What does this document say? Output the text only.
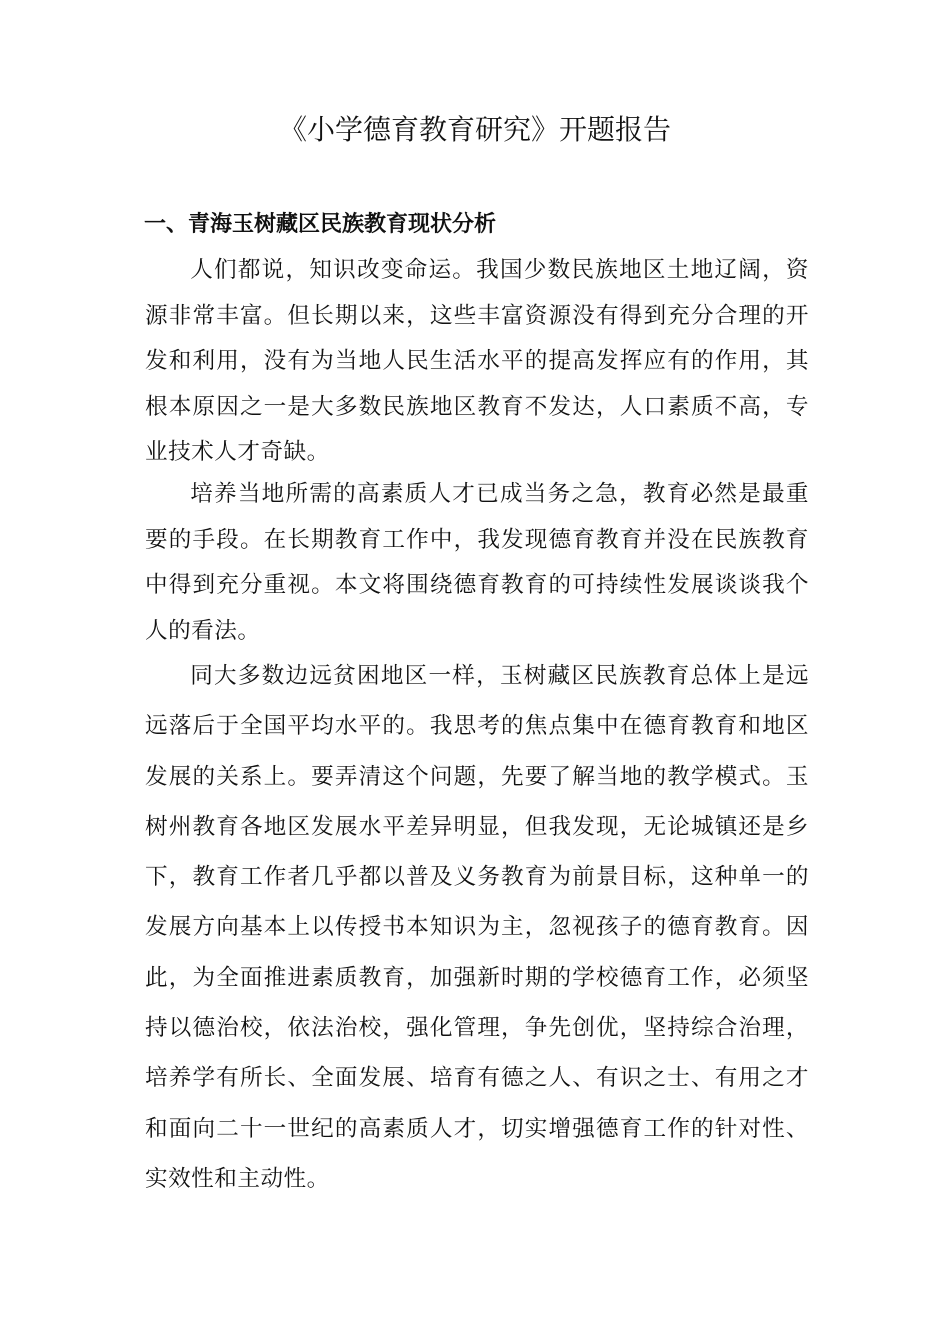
《小学德育教育研究》开题报告
一、青海玉树藏区民族教育现状分析

人们都说，知识改变命运。我国少数民族地区土地辽阔，资源非常丰富。但长期以来，这些丰富资源没有得到充分合理的开发和利用，没有为当地人民生活水平的提高发挥应有的作用，其根本原因之一是大多数民族地区教育不发达，人口素质不高，专业技术人才奇缺。

培养当地所需的高素质人才已成当务之急，教育必然是最重要的手段。在长期教育工作中，我发现德育教育并没在民族教育中得到充分重视。本文将围绕德育教育的可持续性发展谈谈我个人的看法。

同大多数边远贫困地区一样，玉树藏区民族教育总体上是远远落后于全国平均水平的。我思考的焦点集中在德育教育和地区发展的关系上。要弄清这个问题，先要了解当地的教学模式。玉树州教育各地区发展水平差异明显，但我发现，无论城镇还是乡下，教育工作者几乎都以普及义务教育为前景目标，这种单一的发展方向基本上以传授书本知识为主，忽视孩子的德育教育。因此，为全面推进素质教育，加强新时期的学校德育工作，必须坚持以德治校，依法治校，强化管理，争先创优，坚持综合治理，培养学有所长、全面发展、培育有德之人、有识之士、有用之才和面向二十一世纪的高素质人才，切实增强德育工作的针对性、实效性和主动性。
